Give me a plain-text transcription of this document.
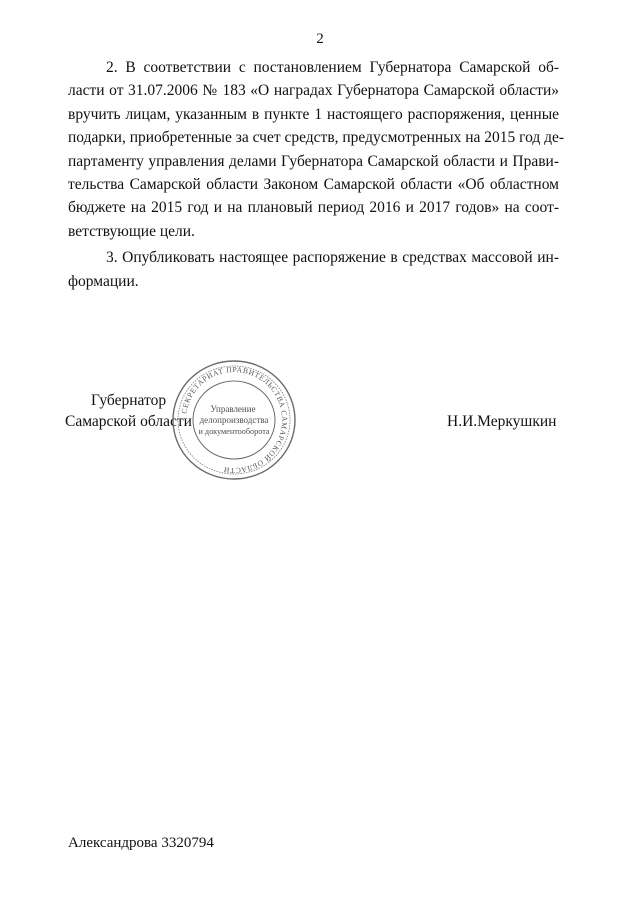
2

2. В соответствии с постановлением Губернатора Самарской об-
ласти от 31.07.2006 № 183 «О наградах Губернатора Самарской области»
вручить лицам, указанным в пункте 1 настоящего распоряжения, ценные
подарки, приобретенные за счет средств, предусмотренных на 2015 год де-
партаменту управления делами Губернатора Самарской области и Прави-
тельства Самарской области Законом Самарской области «Об областном
бюджете на 2015 год и на плановый период 2016 и 2017 годов» на соот-
ветствующие цели.

3. Опубликовать настоящее распоряжение в средствах массовой ин-
формации.

Губернатор
Самарской области
СЕКРЕТАРИАТ ПРАВИТЕЛЬСТВА САМАРСКОЙ ОБЛАСТИ
Управление
делопроизводства
и документооборота
Н.И.Меркушкин
Александрова 3320794
